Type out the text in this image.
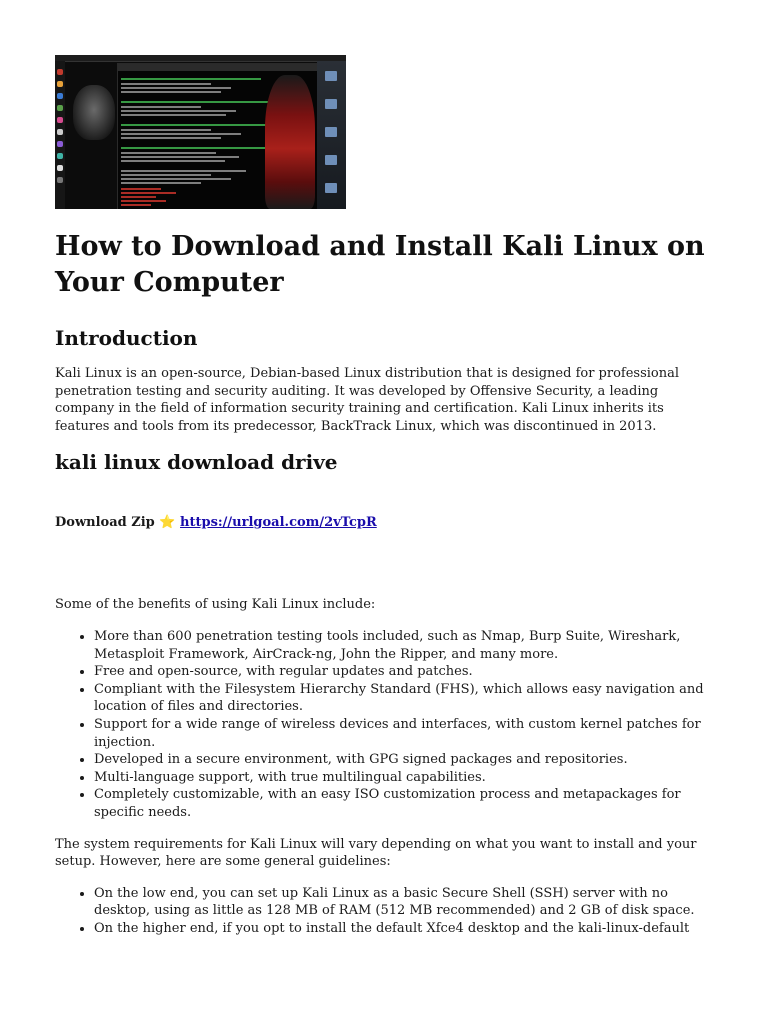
How to Download and Install Kali Linux on Your Computer
Introduction

Kali Linux is an open-source, Debian-based Linux distribution that is designed for professional penetration testing and security auditing. It was developed by Offensive Security, a leading company in the field of information security training and certification. Kali Linux inherits its features and tools from its predecessor, BackTrack Linux, which was discontinued in 2013.

kali linux download drive
Download Zip ⭐ https://urlgoal.com/2vTcpR

Some of the benefits of using Kali Linux include:

• More than 600 penetration testing tools included, such as Nmap, Burp Suite, Wireshark, Metasploit Framework, AirCrack-ng, John the Ripper, and many more.
• Free and open-source, with regular updates and patches.
• Compliant with the Filesystem Hierarchy Standard (FHS), which allows easy navigation and location of files and directories.
• Support for a wide range of wireless devices and interfaces, with custom kernel patches for injection.
• Developed in a secure environment, with GPG signed packages and repositories.
• Multi-language support, with true multilingual capabilities.
• Completely customizable, with an easy ISO customization process and metapackages for specific needs.

The system requirements for Kali Linux will vary depending on what you want to install and your setup. However, here are some general guidelines:

• On the low end, you can set up Kali Linux as a basic Secure Shell (SSH) server with no desktop, using as little as 128 MB of RAM (512 MB recommended) and 2 GB of disk space.
• On the higher end, if you opt to install the default Xfce4 desktop and the kali-linux-default
